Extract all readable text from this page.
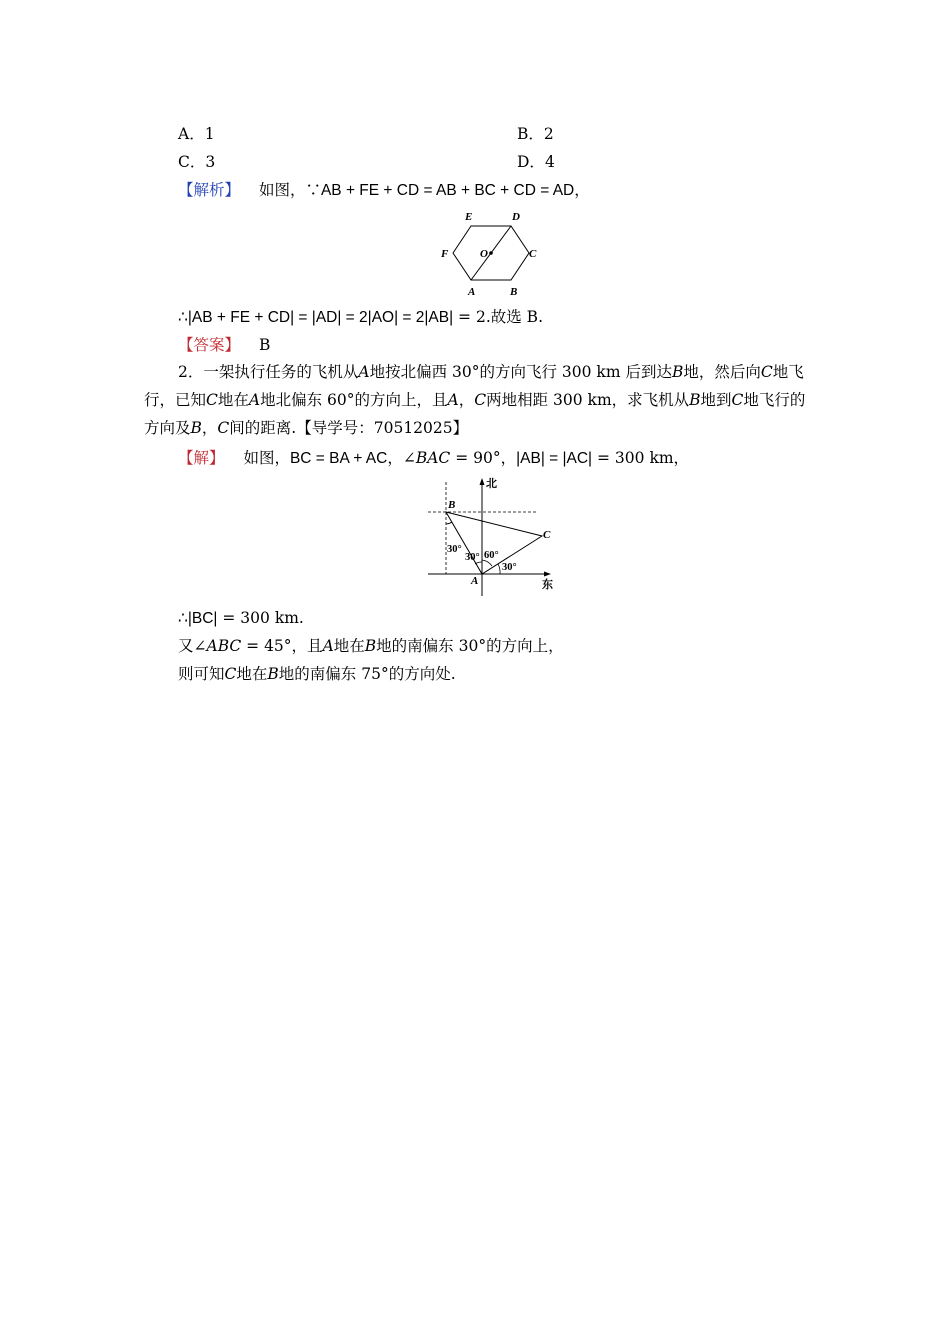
A．1	B．2
C．3	D．4
【解析】 如图，∵AB + FE + CD = AB + BC + CD = AD，
E	D
F	O	C
A	B
∴|AB + FE + CD| = |AD| = 2|AO| = 2|AB| = 2.故选 B.
【答案】 B
2．一架执行任务的飞机从A地按北偏西 30°的方向飞行 300 km 后到达B地，然后向C地飞行，已知C地在A地北偏东 60°的方向上，且A，C两地相距 300 km，求飞机从B地到C地飞行的方向及B，C间的距离.【导学号：70512025】
【解】 如图，BC = BA + AC，∠BAC = 90°，|AB| = |AC| = 300 km，
北
东
B
C
A
30°
30° 60°
30°
∴|BC| = 300 km.
又∠ABC = 45°，且A地在B地的南偏东 30°的方向上，
则可知C地在B地的南偏东 75°的方向处.
